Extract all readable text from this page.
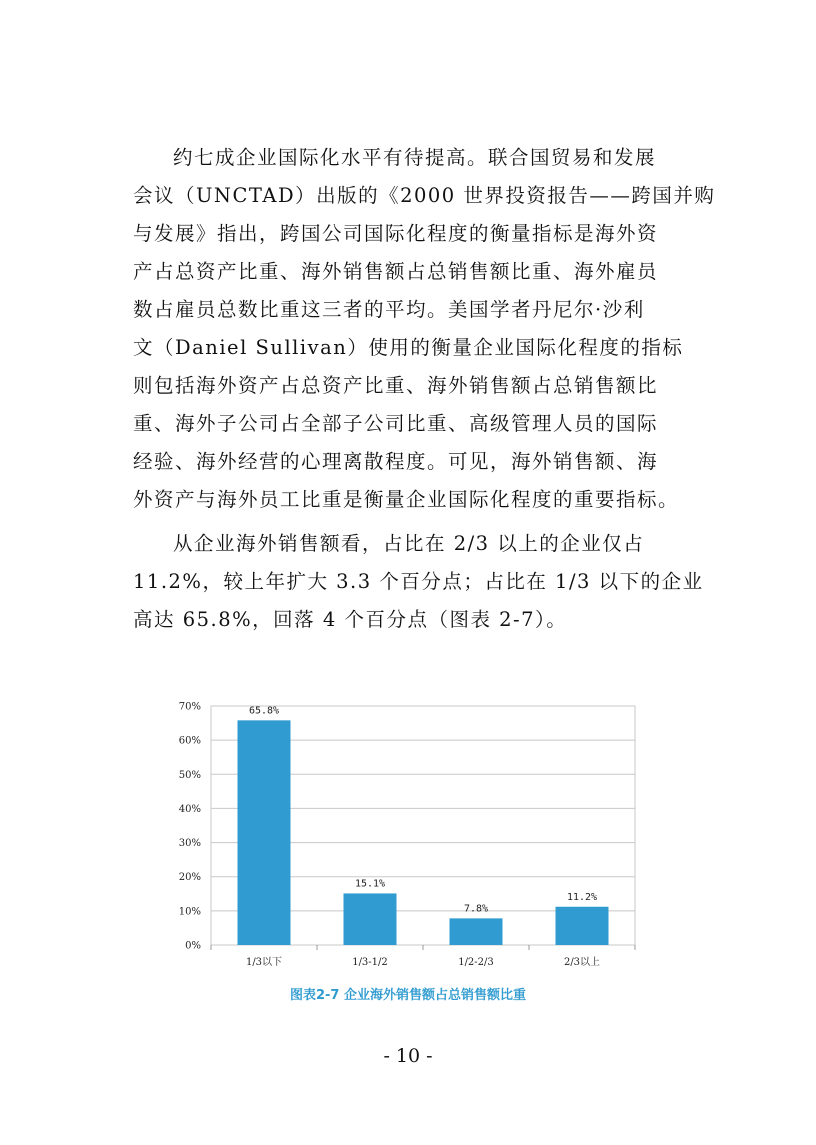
约七成企业国际化水平有待提高。联合国贸易和发展
会议（UNCTAD）出版的《2000 世界投资报告——跨国并购
与发展》指出，跨国公司国际化程度的衡量指标是海外资
产占总资产比重、海外销售额占总销售额比重、海外雇员
数占雇员总数比重这三者的平均。美国学者丹尼尔·沙利
文（Daniel Sullivan）使用的衡量企业国际化程度的指标
则包括海外资产占总资产比重、海外销售额占总销售额比
重、海外子公司占全部子公司比重、高级管理人员的国际
经验、海外经营的心理离散程度。可见，海外销售额、海
外资产与海外员工比重是衡量企业国际化程度的重要指标。
从企业海外销售额看，占比在 2/3 以上的企业仅占
11.2%，较上年扩大 3.3 个百分点；占比在 1/3 以下的企业
高达 65.8%，回落 4 个百分点（图表 2-7）。
0%
10%
20%
30%
40%
50%
60%
70%	65.8%
1/3以下
15.1%
1/3-1/2
7.8%
1/2-2/3
11.2%
2/3以上

图表2-7 企业海外销售额占总销售额比重

- 10 -
